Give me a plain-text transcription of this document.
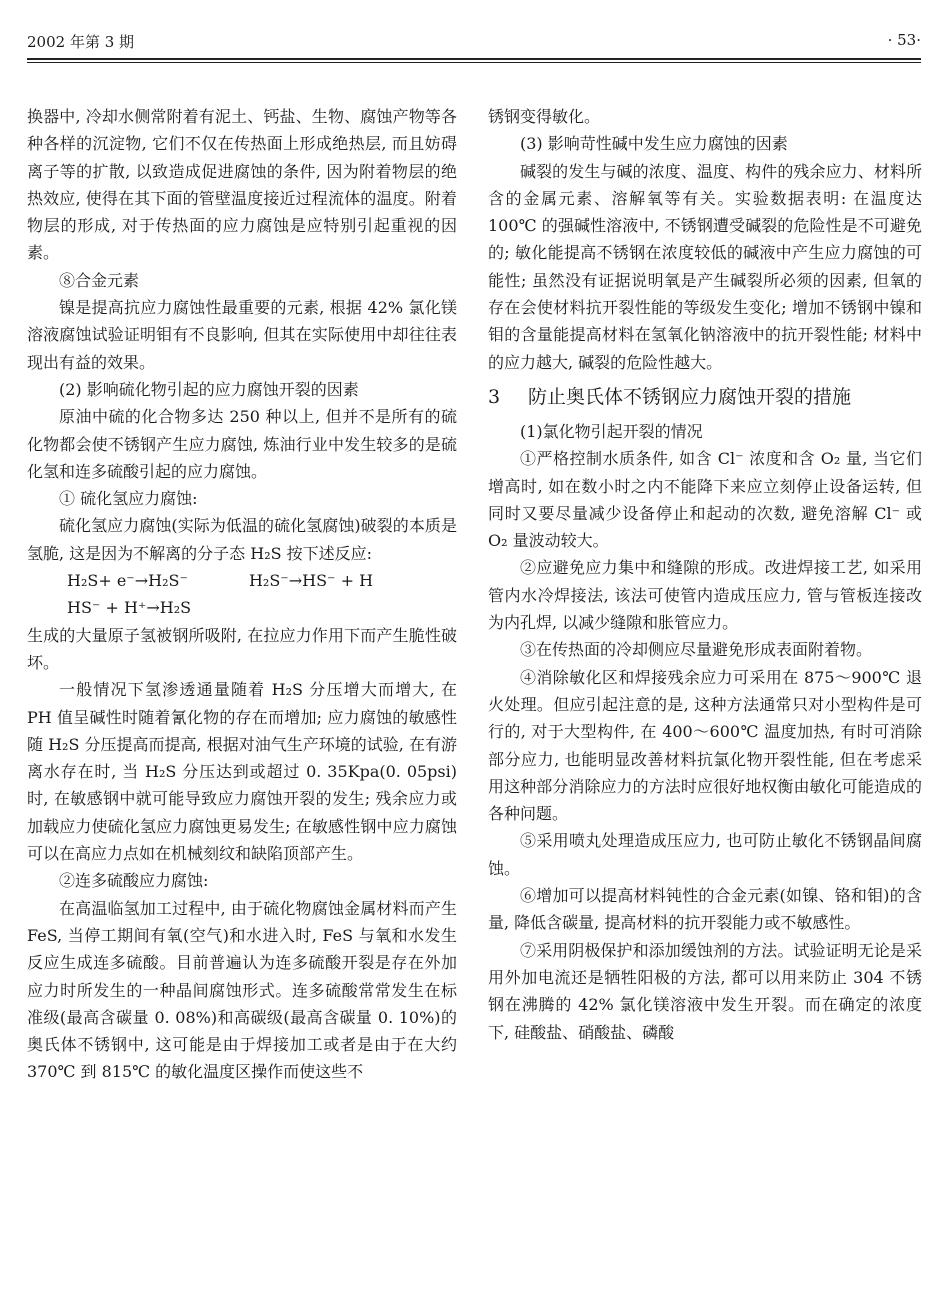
2002 年第 3 期	· 53·

换器中, 冷却水侧常附着有泥土、钙盐、生物、腐蚀产物等各种各样的沉淀物, 它们不仅在传热面上形成绝热层, 而且妨碍离子等的扩散, 以致造成促进腐蚀的条件, 因为附着物层的绝热效应, 使得在其下面的管壁温度接近过程流体的温度。附着物层的形成, 对于传热面的应力腐蚀是应特别引起重视的因素。

⑧合金元素

镍是提高抗应力腐蚀性最重要的元素, 根据 42% 氯化镁溶液腐蚀试验证明钼有不良影响, 但其在实际使用中却往往表现出有益的效果。

(2) 影响硫化物引起的应力腐蚀开裂的因素

原油中硫的化合物多达 250 种以上, 但并不是所有的硫化物都会使不锈钢产生应力腐蚀, 炼油行业中发生较多的是硫化氢和连多硫酸引起的应力腐蚀。

① 硫化氢应力腐蚀:

硫化氢应力腐蚀(实际为低温的硫化氢腐蚀)破裂的本质是氢脆, 这是因为不解离的分子态 H₂S 按下述反应:

H₂S+ e⁻→H₂S⁻            H₂S⁻→HS⁻ + H

HS⁻ + H⁺→H₂S

生成的大量原子氢被钢所吸附, 在拉应力作用下而产生脆性破坏。

一般情况下氢渗透通量随着 H₂S 分压增大而增大, 在 PH 值呈碱性时随着氰化物的存在而增加; 应力腐蚀的敏感性随 H₂S 分压提高而提高, 根据对油气生产环境的试验, 在有游离水存在时, 当 H₂S 分压达到或超过 0. 35Kpa(0. 05psi)时, 在敏感钢中就可能导致应力腐蚀开裂的发生; 残余应力或加载应力使硫化氢应力腐蚀更易发生; 在敏感性钢中应力腐蚀可以在高应力点如在机械刻纹和缺陷顶部产生。

②连多硫酸应力腐蚀:

在高温临氢加工过程中, 由于硫化物腐蚀金属材料而产生 FeS, 当停工期间有氧(空气)和水进入时, FeS 与氧和水发生反应生成连多硫酸。目前普遍认为连多硫酸开裂是存在外加应力时所发生的一种晶间腐蚀形式。连多硫酸常常发生在标准级(最高含碳量 0. 08%)和高碳级(最高含碳量 0. 10%)的奥氏体不锈钢中, 这可能是由于焊接加工或者是由于在大约 370℃ 到 815℃ 的敏化温度区操作而使这些不

锈钢变得敏化。

(3) 影响苛性碱中发生应力腐蚀的因素

碱裂的发生与碱的浓度、温度、构件的残余应力、材料所含的金属元素、溶解氧等有关。实验数据表明: 在温度达 100℃ 的强碱性溶液中, 不锈钢遭受碱裂的危险性是不可避免的; 敏化能提高不锈钢在浓度较低的碱液中产生应力腐蚀的可能性; 虽然没有证据说明氧是产生碱裂所必须的因素, 但氧的存在会使材料抗开裂性能的等级发生变化; 增加不锈钢中镍和钼的含量能提高材料在氢氧化钠溶液中的抗开裂性能; 材料中的应力越大, 碱裂的危险性越大。

3 防止奥氏体不锈钢应力腐蚀开裂的措施

(1)氯化物引起开裂的情况

①严格控制水质条件, 如含 Cl⁻ 浓度和含 O₂ 量, 当它们增高时, 如在数小时之内不能降下来应立刻停止设备运转, 但同时又要尽量减少设备停止和起动的次数, 避免溶解 Cl⁻ 或 O₂ 量波动较大。

②应避免应力集中和缝隙的形成。改进焊接工艺, 如采用管内水冷焊接法, 该法可使管内造成压应力, 管与管板连接改为内孔焊, 以减少缝隙和胀管应力。

③在传热面的冷却侧应尽量避免形成表面附着物。

④消除敏化区和焊接残余应力可采用在 875～900℃ 退火处理。但应引起注意的是, 这种方法通常只对小型构件是可行的, 对于大型构件, 在 400～600℃ 温度加热, 有时可消除部分应力, 也能明显改善材料抗氯化物开裂性能, 但在考虑采用这种部分消除应力的方法时应很好地权衡由敏化可能造成的各种问题。

⑤采用喷丸处理造成压应力, 也可防止敏化不锈钢晶间腐蚀。

⑥增加可以提高材料钝性的合金元素(如镍、铬和钼)的含量, 降低含碳量, 提高材料的抗开裂能力或不敏感性。

⑦采用阴极保护和添加缓蚀剂的方法。试验证明无论是采用外加电流还是牺牲阳极的方法, 都可以用来防止 304 不锈钢在沸腾的 42% 氯化镁溶液中发生开裂。而在确定的浓度下, 硅酸盐、硝酸盐、磷酸
